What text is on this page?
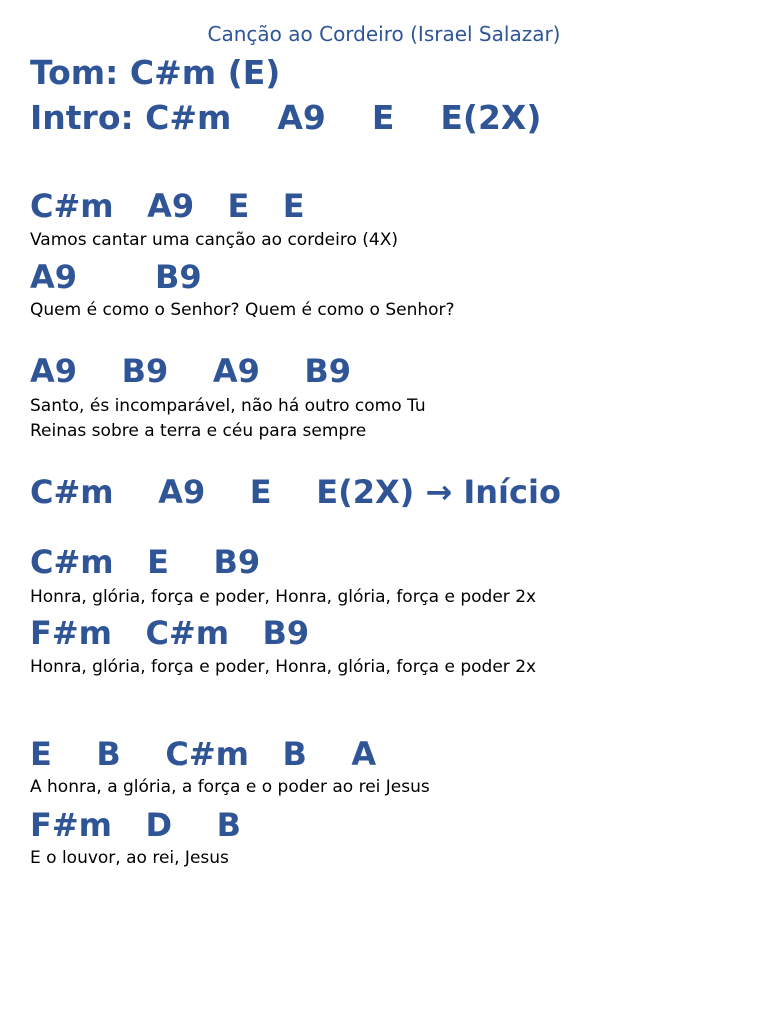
Canção ao Cordeiro (Israel Salazar)
Tom: C#m (E)
Intro: C#m    A9    E    E(2X)
C#m   A9   E   E
Vamos cantar uma canção ao cordeiro (4X)
A9       B9
Quem é como o Senhor? Quem é como o Senhor?
A9    B9    A9    B9
Santo, és incomparável, não há outro como Tu
Reinas sobre a terra e céu para sempre
C#m    A9    E    E(2X) → Início
C#m   E    B9
Honra, glória, força e poder, Honra, glória, força e poder 2x
F#m   C#m   B9
Honra, glória, força e poder, Honra, glória, força e poder 2x
E    B    C#m   B    A
A honra, a glória, a força e o poder ao rei Jesus
F#m   D    B
E o louvor, ao rei, Jesus
